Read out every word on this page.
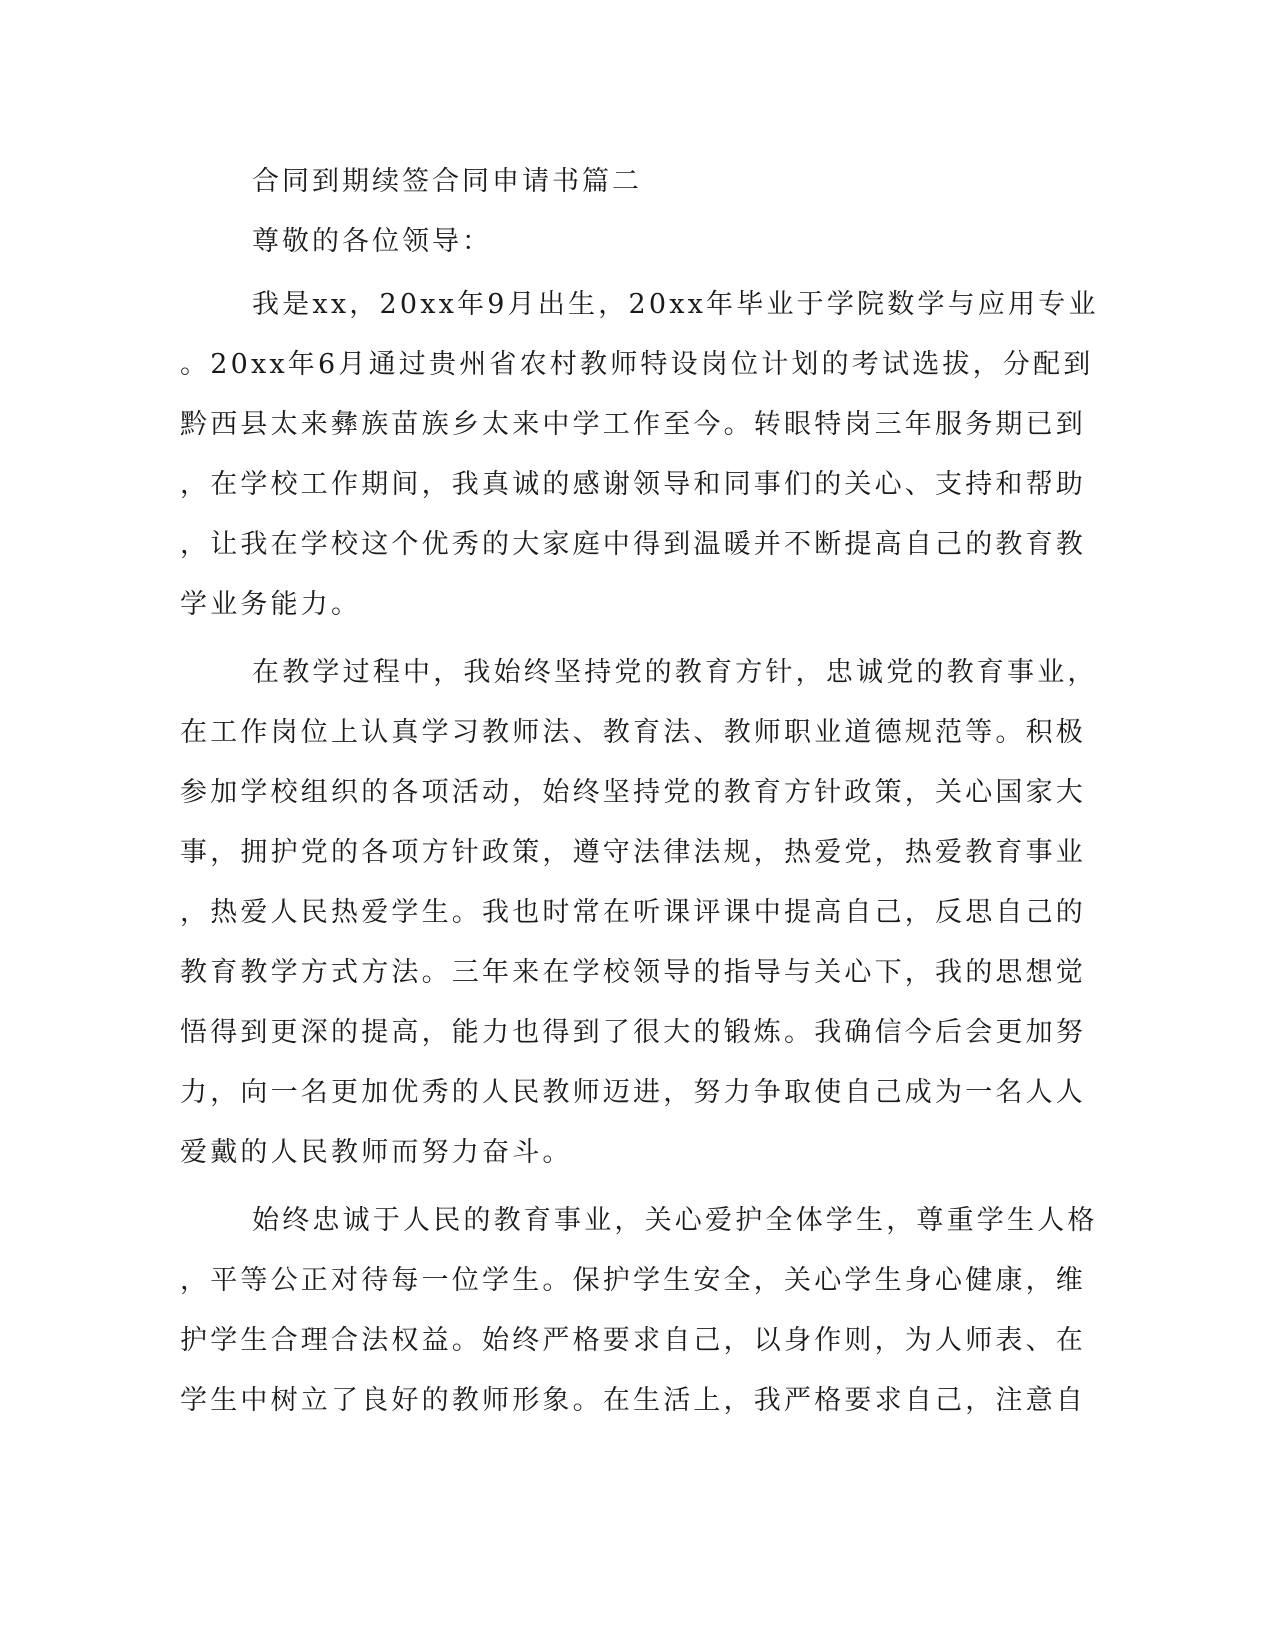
合同到期续签合同申请书篇二
尊敬的各位领导：
我是xx，20xx年9月出生，20xx年毕业于学院数学与应用专业
。20xx年6月通过贵州省农村教师特设岗位计划的考试选拔，分配到
黔西县太来彝族苗族乡太来中学工作至今。转眼特岗三年服务期已到
，在学校工作期间，我真诚的感谢领导和同事们的关心、支持和帮助
，让我在学校这个优秀的大家庭中得到温暖并不断提高自己的教育教
学业务能力。
在教学过程中，我始终坚持党的教育方针，忠诚党的教育事业，
在工作岗位上认真学习教师法、教育法、教师职业道德规范等。积极
参加学校组织的各项活动，始终坚持党的教育方针政策，关心国家大
事，拥护党的各项方针政策，遵守法律法规，热爱党，热爱教育事业
，热爱人民热爱学生。我也时常在听课评课中提高自己，反思自己的
教育教学方式方法。三年来在学校领导的指导与关心下，我的思想觉
悟得到更深的提高，能力也得到了很大的锻炼。我确信今后会更加努
力，向一名更加优秀的人民教师迈进，努力争取使自己成为一名人人
爱戴的人民教师而努力奋斗。
始终忠诚于人民的教育事业，关心爱护全体学生，尊重学生人格
，平等公正对待每一位学生。保护学生安全，关心学生身心健康，维
护学生合理合法权益。始终严格要求自己，以身作则，为人师表、在
学生中树立了良好的教师形象。在生活上，我严格要求自己，注意自
